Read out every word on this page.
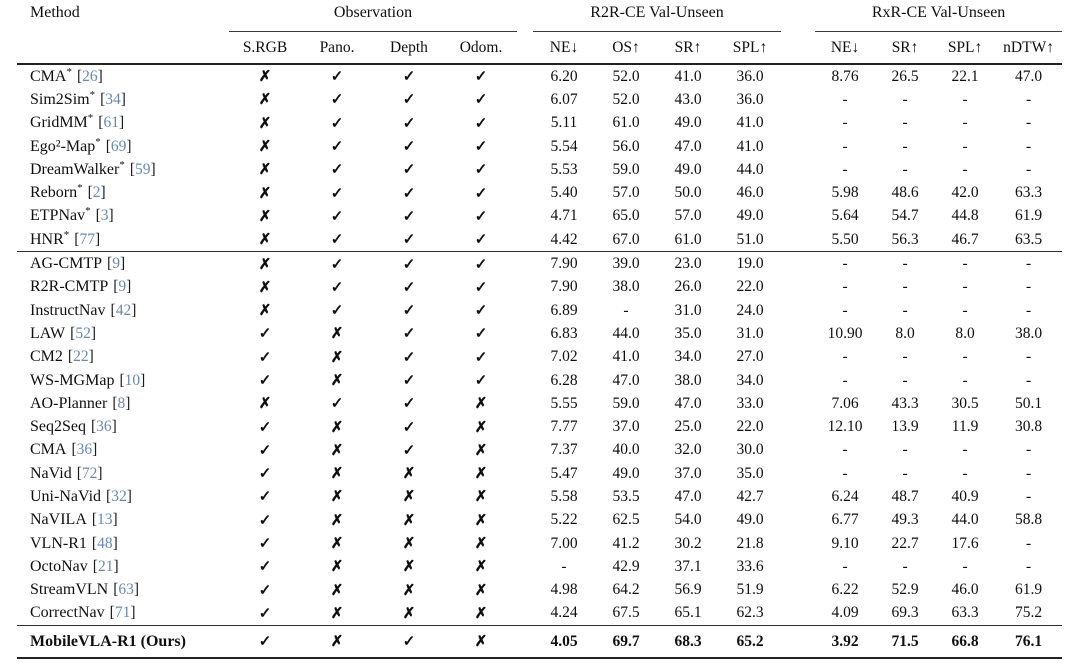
Method	Observation					R2R-CE Val-Unseen					RxR-CE Val-Unseen			
	S.RGB	Pano.	Depth	Odom.		NE↓	OS↑	SR↑	SPL↑		NE↓	SR↑	SPL↑	nDTW↑
CMA* [26]	✗	✓	✓	✓		6.20	52.0	41.0	36.0		8.76	26.5	22.1	47.0
Sim2Sim* [34]	✗	✓	✓	✓		6.07	52.0	43.0	36.0		-	-	-	-
GridMM* [61]	✗	✓	✓	✓		5.11	61.0	49.0	41.0		-	-	-	-
Ego²-Map* [69]	✗	✓	✓	✓		5.54	56.0	47.0	41.0		-	-	-	-
DreamWalker* [59]	✗	✓	✓	✓		5.53	59.0	49.0	44.0		-	-	-	-
Reborn* [2]	✗	✓	✓	✓		5.40	57.0	50.0	46.0		5.98	48.6	42.0	63.3
ETPNav* [3]	✗	✓	✓	✓		4.71	65.0	57.0	49.0		5.64	54.7	44.8	61.9
HNR* [77]	✗	✓	✓	✓		4.42	67.0	61.0	51.0		5.50	56.3	46.7	63.5
AG-CMTP [9]	✗	✓	✓	✓		7.90	39.0	23.0	19.0		-	-	-	-
R2R-CMTP [9]	✗	✓	✓	✓		7.90	38.0	26.0	22.0		-	-	-	-
InstructNav [42]	✗	✓	✓	✓		6.89	-	31.0	24.0		-	-	-	-
LAW [52]	✓	✗	✓	✓		6.83	44.0	35.0	31.0		10.90	8.0	8.0	38.0
CM2 [22]	✓	✗	✓	✓		7.02	41.0	34.0	27.0		-	-	-	-
WS-MGMap [10]	✓	✗	✓	✓		6.28	47.0	38.0	34.0		-	-	-	-
AO-Planner [8]	✗	✓	✓	✗		5.55	59.0	47.0	33.0		7.06	43.3	30.5	50.1
Seq2Seq [36]	✓	✗	✓	✗		7.77	37.0	25.0	22.0		12.10	13.9	11.9	30.8
CMA [36]	✓	✗	✓	✗		7.37	40.0	32.0	30.0		-	-	-	-
NaVid [72]	✓	✗	✗	✗		5.47	49.0	37.0	35.0		-	-	-	-
Uni-NaVid [32]	✓	✗	✗	✗		5.58	53.5	47.0	42.7		6.24	48.7	40.9	-
NaVILA [13]	✓	✗	✗	✗		5.22	62.5	54.0	49.0		6.77	49.3	44.0	58.8
VLN-R1 [48]	✓	✗	✗	✗		7.00	41.2	30.2	21.8		9.10	22.7	17.6	-
OctoNav [21]	✓	✗	✗	✗		-	42.9	37.1	33.6		-	-	-	-
StreamVLN [63]	✓	✗	✗	✗		4.98	64.2	56.9	51.9		6.22	52.9	46.0	61.9
CorrectNav [71]	✓	✗	✗	✗		4.24	67.5	65.1	62.3		4.09	69.3	63.3	75.2
MobileVLA-R1 (Ours)	✓	✗	✓	✗		4.05	69.7	68.3	65.2		3.92	71.5	66.8	76.1
